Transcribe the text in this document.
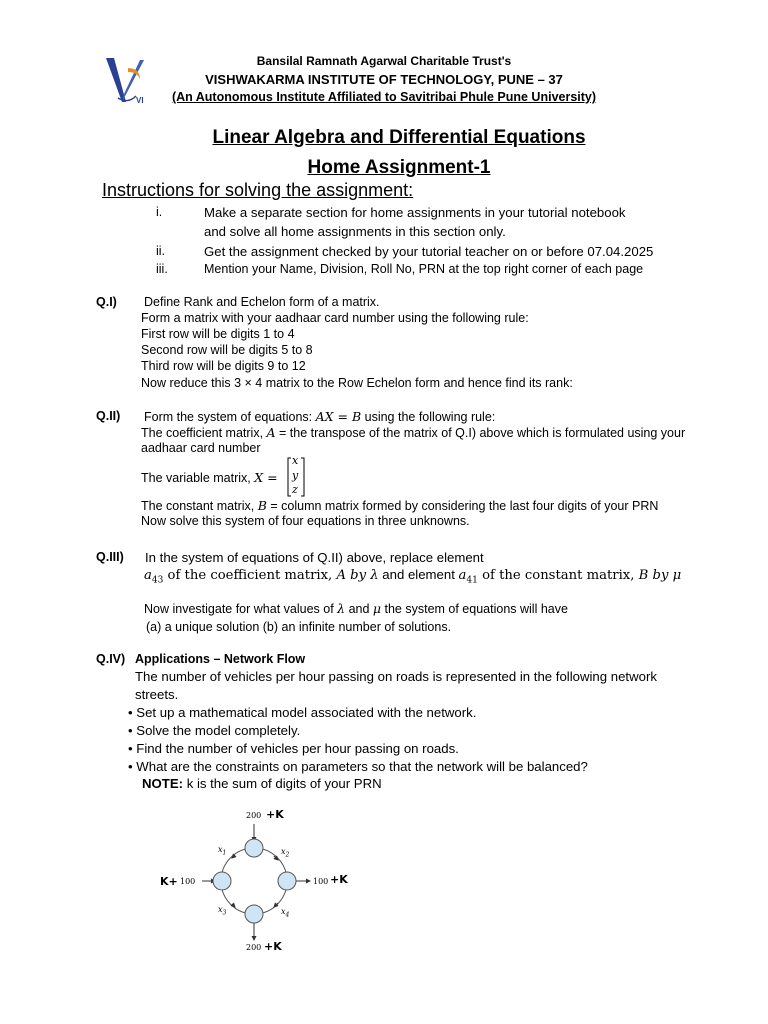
VI
Bansilal Ramnath Agarwal Charitable Trust's
VISHWAKARMA INSTITUTE OF TECHNOLOGY, PUNE – 37
(An Autonomous Institute Affiliated to Savitribai Phule Pune University)
Linear Algebra and Differential Equations
Home Assignment-1
Instructions for solving the assignment:
i.	Make a separate section for home assignments in your tutorial notebook
and solve all home assignments in this section only.
ii.	Get the assignment checked by your tutorial teacher on or before 07.04.2025
iii.	Mention your Name, Division, Roll No, PRN at the top right corner of each page
Q.I) Define Rank and Echelon form of a matrix.
Form a matrix with your aadhaar card number using the following rule:
First row will be digits 1 to 4
Second row will be digits 5 to 8
Third row will be digits 9 to 12
Now reduce this 3 × 4 matrix to the Row Echelon form and hence find its rank:
Q.II) Form the system of equations: AX = B using the following rule:
The coefficient matrix, A = the transpose of the matrix of Q.I) above which is formulated using your
aadhaar card number
The variable matrix, X =
x
y
z
The constant matrix, B = column matrix formed by considering the last four digits of your PRN
Now solve this system of four equations in three unknowns.
Q.III) In the system of equations of Q.II) above, replace element
$a_{43}$ of the coefficient matrix, A by λ and element $a_{41}$ of the constant matrix, B by μ
Now investigate for what values of λ and μ the system of equations will have
(a) a unique solution (b) an infinite number of solutions.
Q.IV) Applications – Network Flow
The number of vehicles per hour passing on roads is represented in the following network
streets.
• Set up a mathematical model associated with the network.
• Solve the model completely.
• Find the number of vehicles per hour passing on roads.
• What are the constraints on parameters so that the network will be balanced?
NOTE: k is the sum of digits of your PRN
200 +K
100 +K
200 +K
K+ 100
$x_1$	$x_2$
$x_3$	$x_4$
